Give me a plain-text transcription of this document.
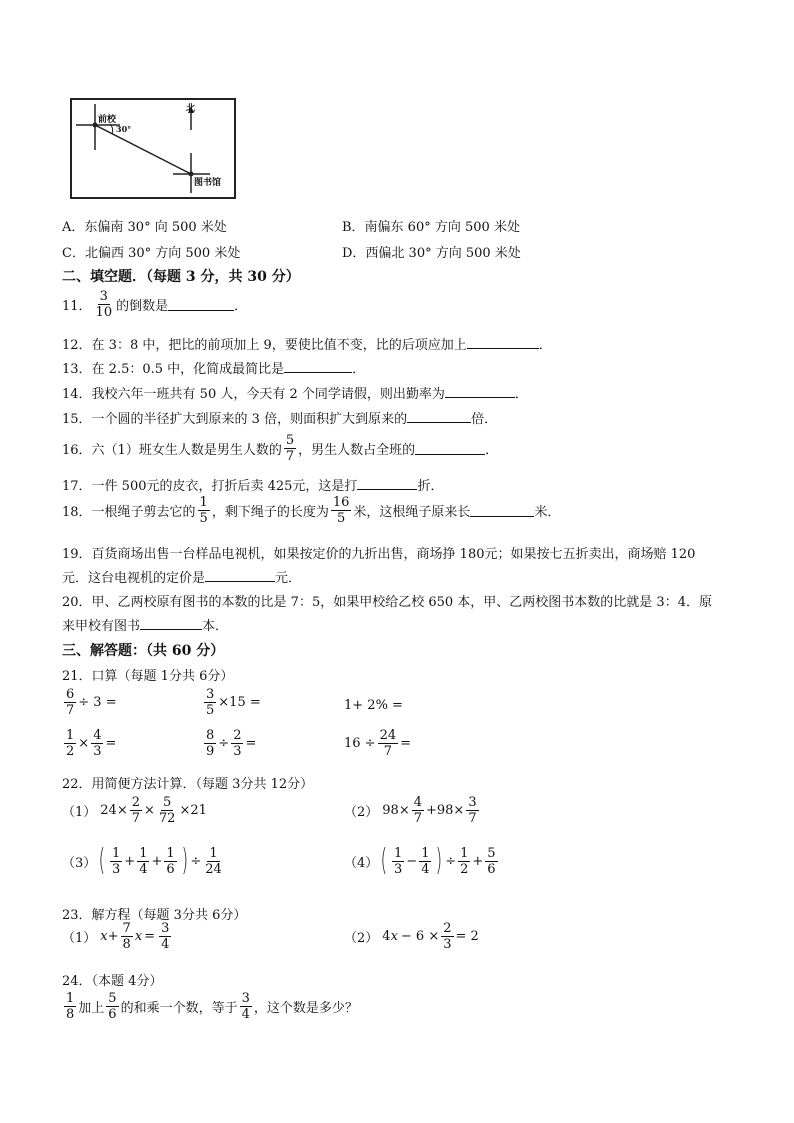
前校
30°
北
图书馆
A．东偏南 30° 向 500 米处	B．南偏东 60° 方向 500 米处
C．北偏西 30° 方向 500 米处	D．西偏北 30° 方向 500 米处
二、填空题．（每题 3 分，共 30 分）
11． $\frac{3}{10}$ 的倒数是	．
12．在 3：8 中，把比的前项加上 9，要使比值不变，比的后项应加上	．
13．在 2.5：0.5 中，化简成最简比是	．
14．我校六年一班共有 50 人，今天有 2 个同学请假，则出勤率为	．
15．一个圆的半径扩大到原来的 3 倍，则面积扩大到原来的	倍．
16．六（1）班女生人数是男生人数的 $\frac{5}{7}$ ，男生人数占全班的	．
17．一件 500元的皮衣，打折后卖 425元，这是打	折．
18．一根绳子剪去它的 $\frac{1}{5}$ ，剩下绳子的长度为 $\frac{16}{5}$ 米，这根绳子原来长	米．
19．百货商场出售一台样品电视机，如果按定价的九折出售，商场挣 180元；如果按七五折卖出，商场赔 120
元．这台电视机的定价是	元．
20．甲、乙两校原有图书的本数的比是 7：5，如果甲校给乙校 650 本，甲、乙两校图书本数的比就是 3：4．原
来甲校有图书	本．
三、解答题：（共 60 分）
21．口算（每题 1分共 6分）
$\frac{6}{7} \div 3$ =	$\frac{3}{5} \times 15$ =	1+ 2% =
$\frac{1}{2} \times \frac{4}{3}$ =	$\frac{8}{9} \div \frac{2}{3}$ =	$16 \div \frac{24}{7}$ =
22．用简便方法计算．（每题 3分共 12分）
（1） $24\times \frac{2}{7} \times \frac{5}{72} \times 21$	（2） $98\times \frac{4}{7} +98\times \frac{3}{7}$
（3） ( $\frac{1}{3} + \frac{1}{4} + \frac{1}{6}$ ) ÷ $\frac{1}{24}$	（4） ( $\frac{1}{3} - \frac{1}{4}$ ) ÷ $\frac{1}{2} + \frac{5}{6}$
23．解方程（每题 3分共 6分）
（1） $x + \frac{7}{8}$ $x = \frac{3}{4}$	（2） 4 $x - 6 \times \frac{2}{3} = 2$
24．（本题 4分）
$\frac{1}{8}$ 加上 $\frac{5}{6}$ 的和乘一个数，等于 $\frac{3}{4}$ ，这个数是多少？
